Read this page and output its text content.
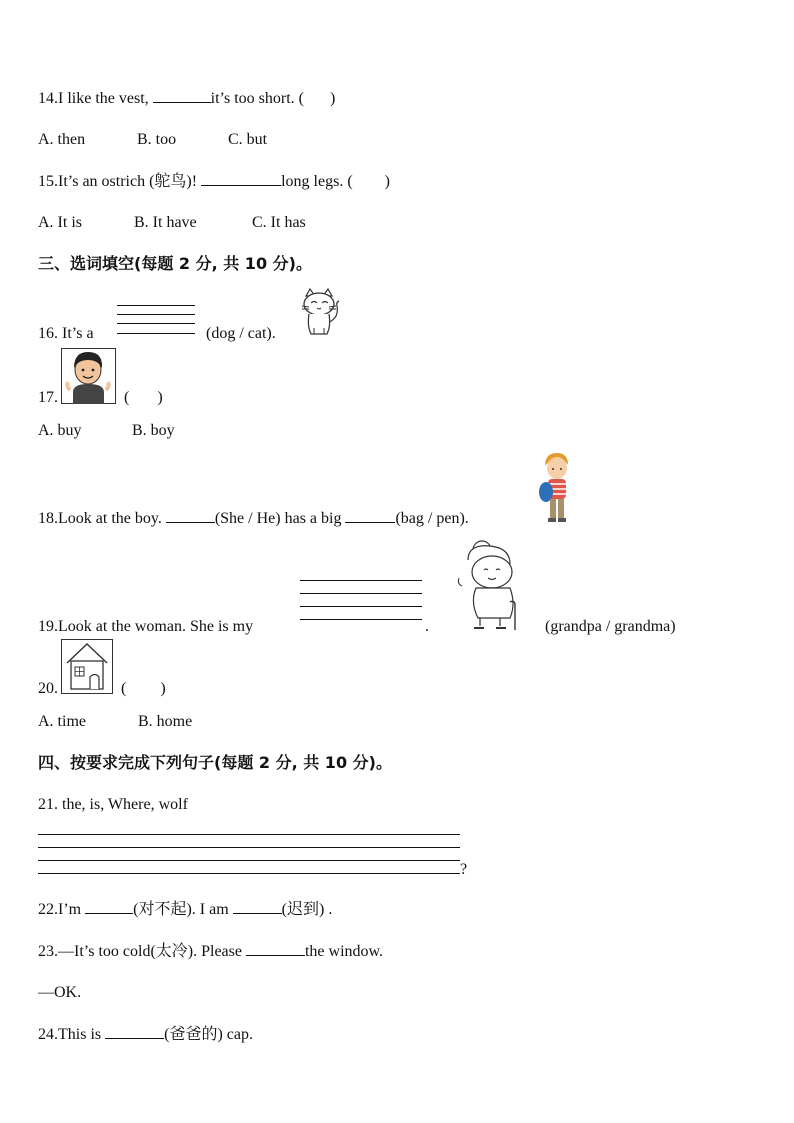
14.I like the vest,	it’s too short. ( )
A. then	B. too	C. but
15.It’s an ostrich (鸵鸟)!	long legs. ( )
A. It is	B. It have	C. It has
三、选词填空(每题 2 分, 共 10 分)。
16. It’s a	(dog / cat).
17.	( )
A. buy	B. boy
18.Look at the boy.	(She / He) has a big	(bag / pen).
19.Look at the woman. She is my	.	(grandpa / grandma)
20.	( )
A. time	B. home
四、按要求完成下列句子(每题 2 分, 共 10 分)。
21. the, is, Where, wolf
?
22.I’m	(对不起). I am	(迟到) .
23.—It’s too cold(太冷). Please	the window.
—OK.
24.This is	(爸爸的) cap.
